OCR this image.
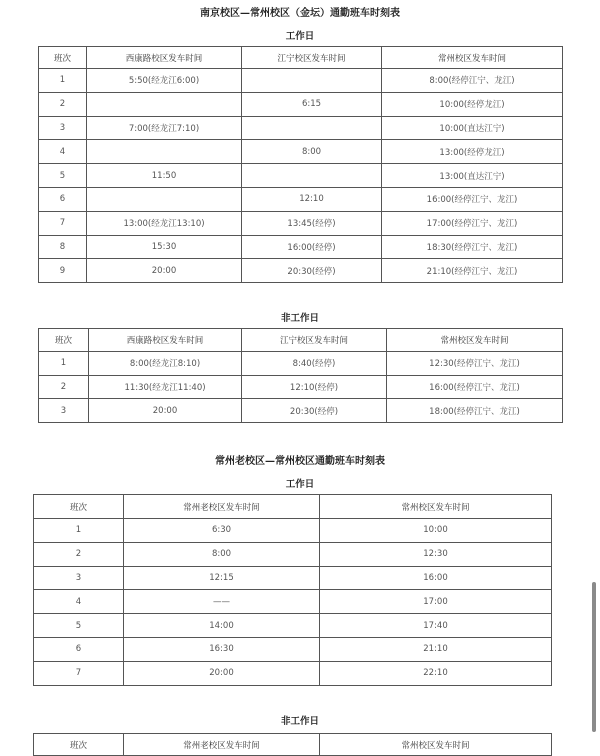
南京校区—常州校区（金坛）通勤班车时刻表
工作日
班次	西康路校区发车时间	江宁校区发车时间	常州校区发车时间
1	5:50(经龙江6:00)		8:00(经停江宁、龙江)
2		6:15	10:00(经停龙江)
3	7:00(经龙江7:10)		10:00(直达江宁)
4		8:00	13:00(经停龙江)
5	11:50		13:00(直达江宁)
6		12:10	16:00(经停江宁、龙江)
7	13:00(经龙江13:10)	13:45(经停)	17:00(经停江宁、龙江)
8	15:30	16:00(经停)	18:30(经停江宁、龙江)
9	20:00	20:30(经停)	21:10(经停江宁、龙江)
非工作日
班次	西康路校区发车时间	江宁校区发车时间	常州校区发车时间
1	8:00(经龙江8:10)	8:40(经停)	12:30(经停江宁、龙江)
2	11:30(经龙江11:40)	12:10(经停)	16:00(经停江宁、龙江)
3	20:00	20:30(经停)	18:00(经停江宁、龙江)
常州老校区—常州校区通勤班车时刻表
工作日
班次	常州老校区发车时间	常州校区发车时间
1	6:30	10:00
2	8:00	12:30
3	12:15	16:00
4	——	17:00
5	14:00	17:40
6	16:30	21:10
7	20:00	22:10
非工作日
班次	常州老校区发车时间	常州校区发车时间
